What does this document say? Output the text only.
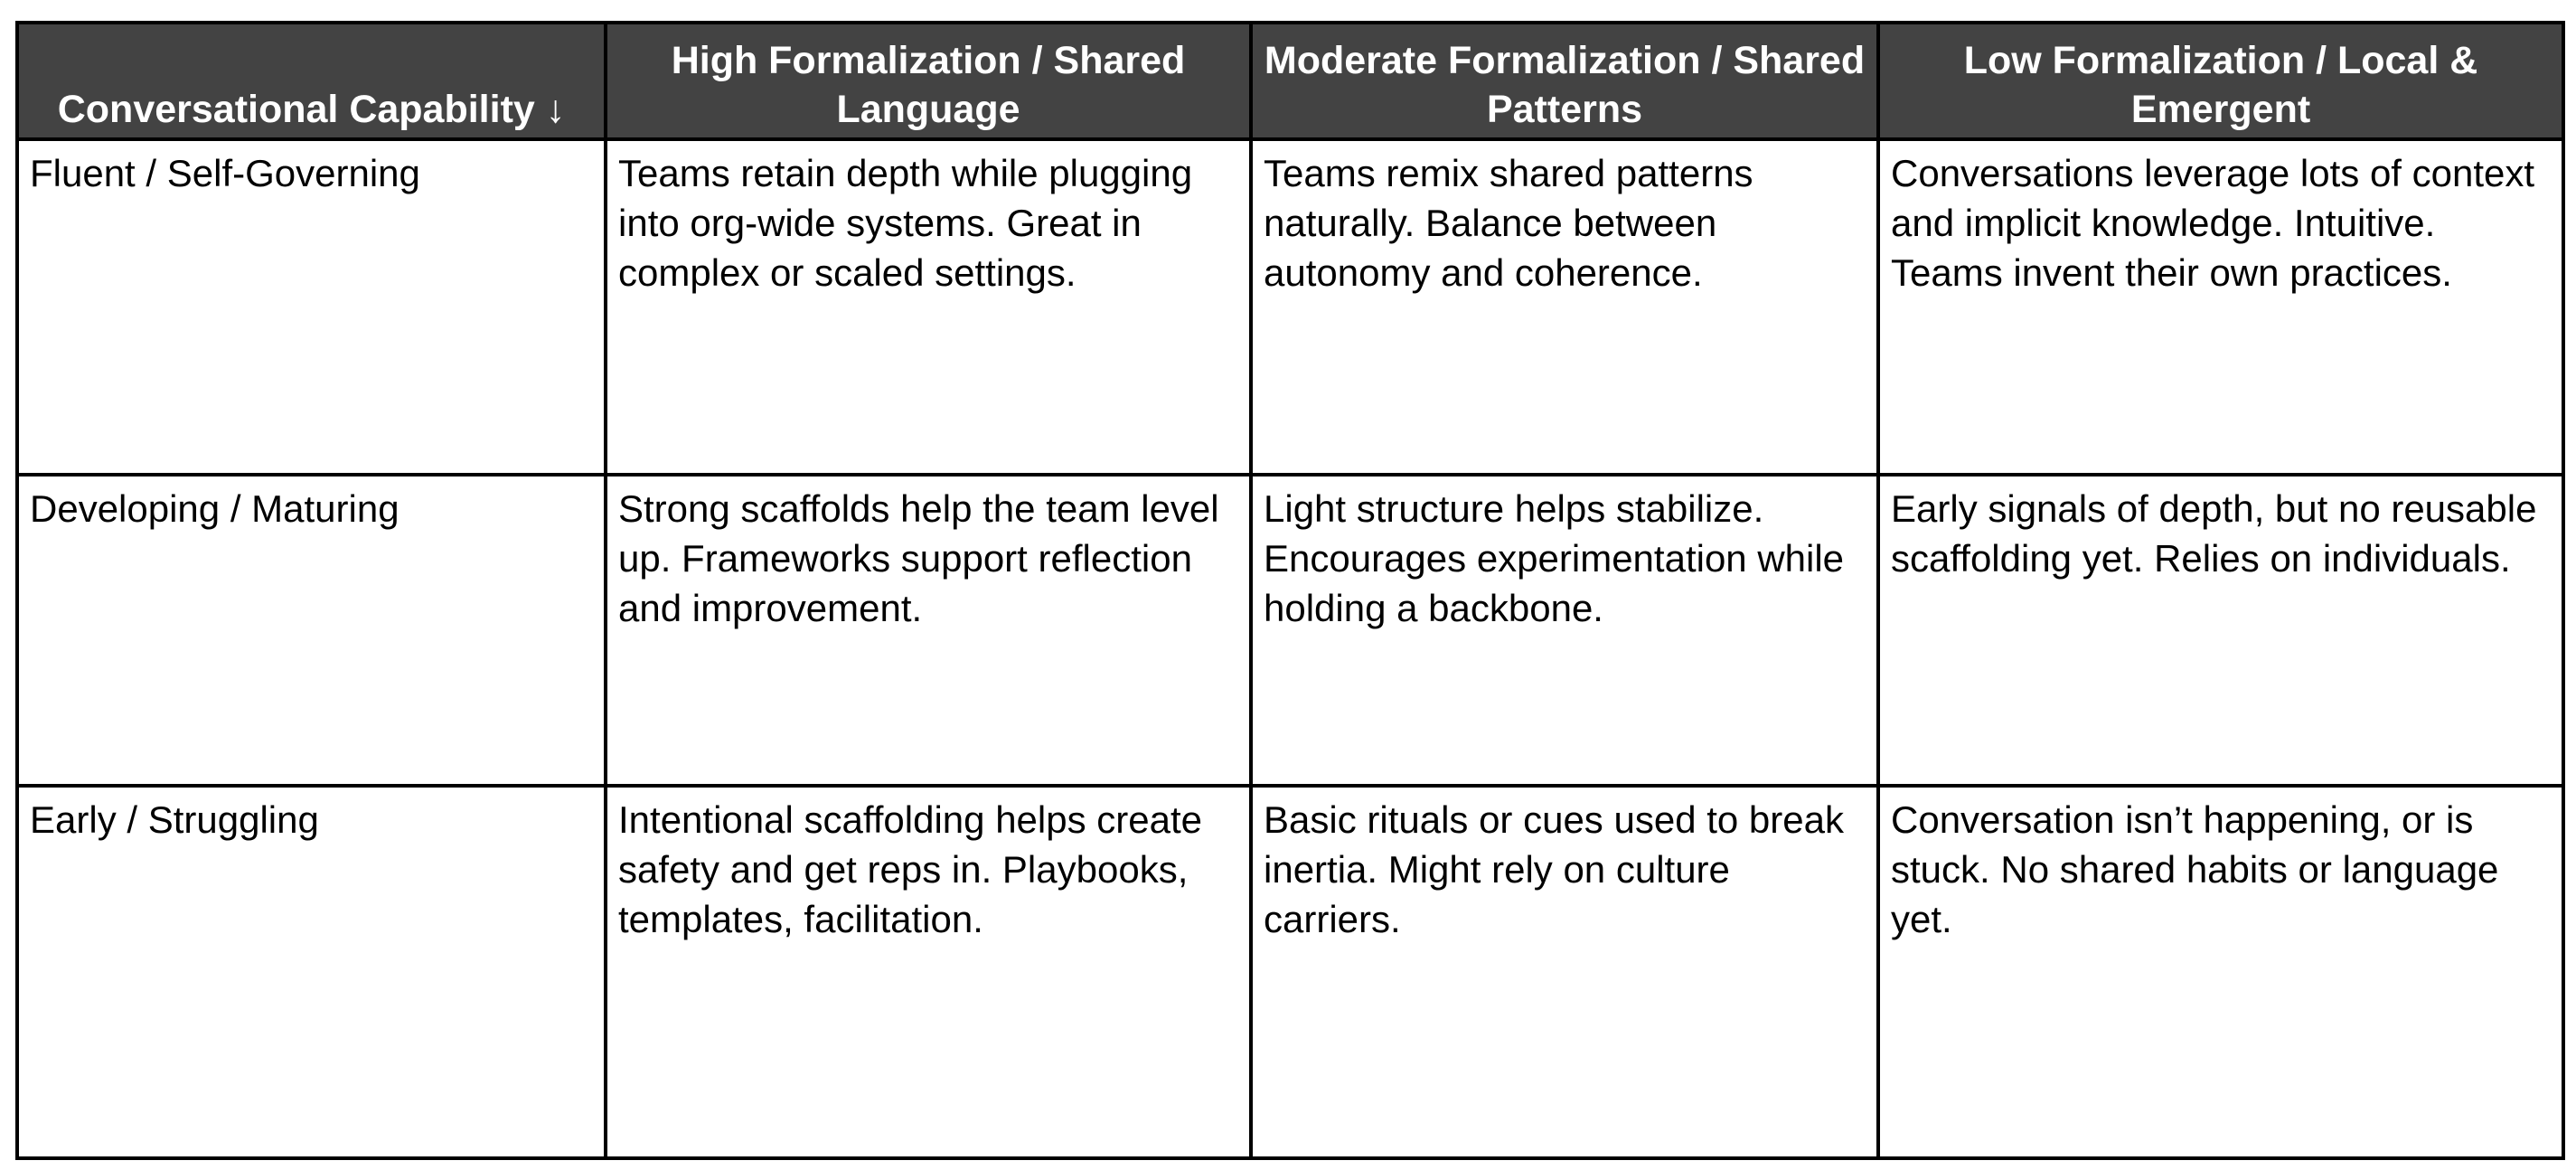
Conversational Capability ↓	High Formalization / Shared Language	Moderate Formalization / Shared Patterns	Low Formalization / Local & Emergent
Fluent / Self-Governing	Teams retain depth while plugging into org-wide systems. Great in complex or scaled settings.	Teams remix shared patterns naturally. Balance between autonomy and coherence.	Conversations leverage lots of context and implicit knowledge. Intuitive. Teams invent their own practices.
Developing / Maturing	Strong scaffolds help the team level up. Frameworks support reflection and improvement.	Light structure helps stabilize. Encourages experimentation while holding a backbone.	Early signals of depth, but no reusable scaffolding yet. Relies on individuals.
Early / Struggling	Intentional scaffolding helps create safety and get reps in. Playbooks, templates, facilitation.	Basic rituals or cues used to break inertia. Might rely on culture carriers.	Conversation isn’t happening, or is stuck. No shared habits or language yet.
